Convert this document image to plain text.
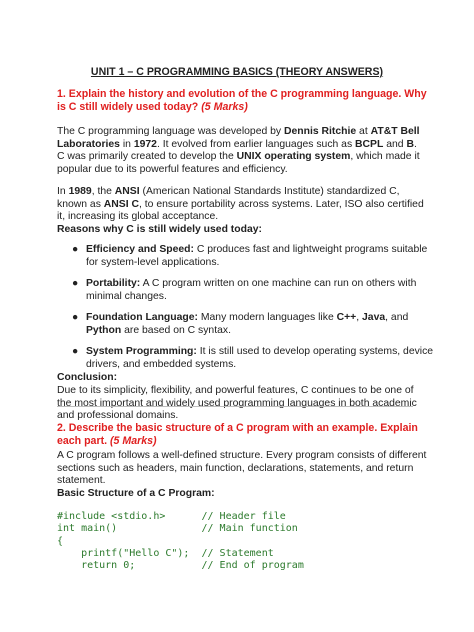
UNIT 1 – C PROGRAMMING BASICS (THEORY ANSWERS)
1. Explain the history and evolution of the C programming language. Why is C still widely used today? (5 Marks)
The C programming language was developed by Dennis Ritchie at AT&T Bell Laboratories in 1972. It evolved from earlier languages such as BCPL and B. C was primarily created to develop the UNIX operating system, which made it popular due to its powerful features and efficiency.
In 1989, the ANSI (American National Standards Institute) standardized C, known as ANSI C, to ensure portability across systems. Later, ISO also certified it, increasing its global acceptance.
Reasons why C is still widely used today:
● Efficiency and Speed: C produces fast and lightweight programs suitable for system-level applications.
● Portability: A C program written on one machine can run on others with minimal changes.
● Foundation Language: Many modern languages like C++, Java, and Python are based on C syntax.
● System Programming: It is still used to develop operating systems, device drivers, and embedded systems.
Conclusion:
Due to its simplicity, flexibility, and powerful features, C continues to be one of the most important and widely used programming languages in both academic and professional domains.
2. Describe the basic structure of a C program with an example. Explain each part. (5 Marks)
A C program follows a well-defined structure. Every program consists of different sections such as headers, main function, declarations, statements, and return statement.
Basic Structure of a C Program:
#include <stdio.h>      // Header file
int main()              // Main function
{
printf("Hello C");  // Statement
return 0;           // End of program
